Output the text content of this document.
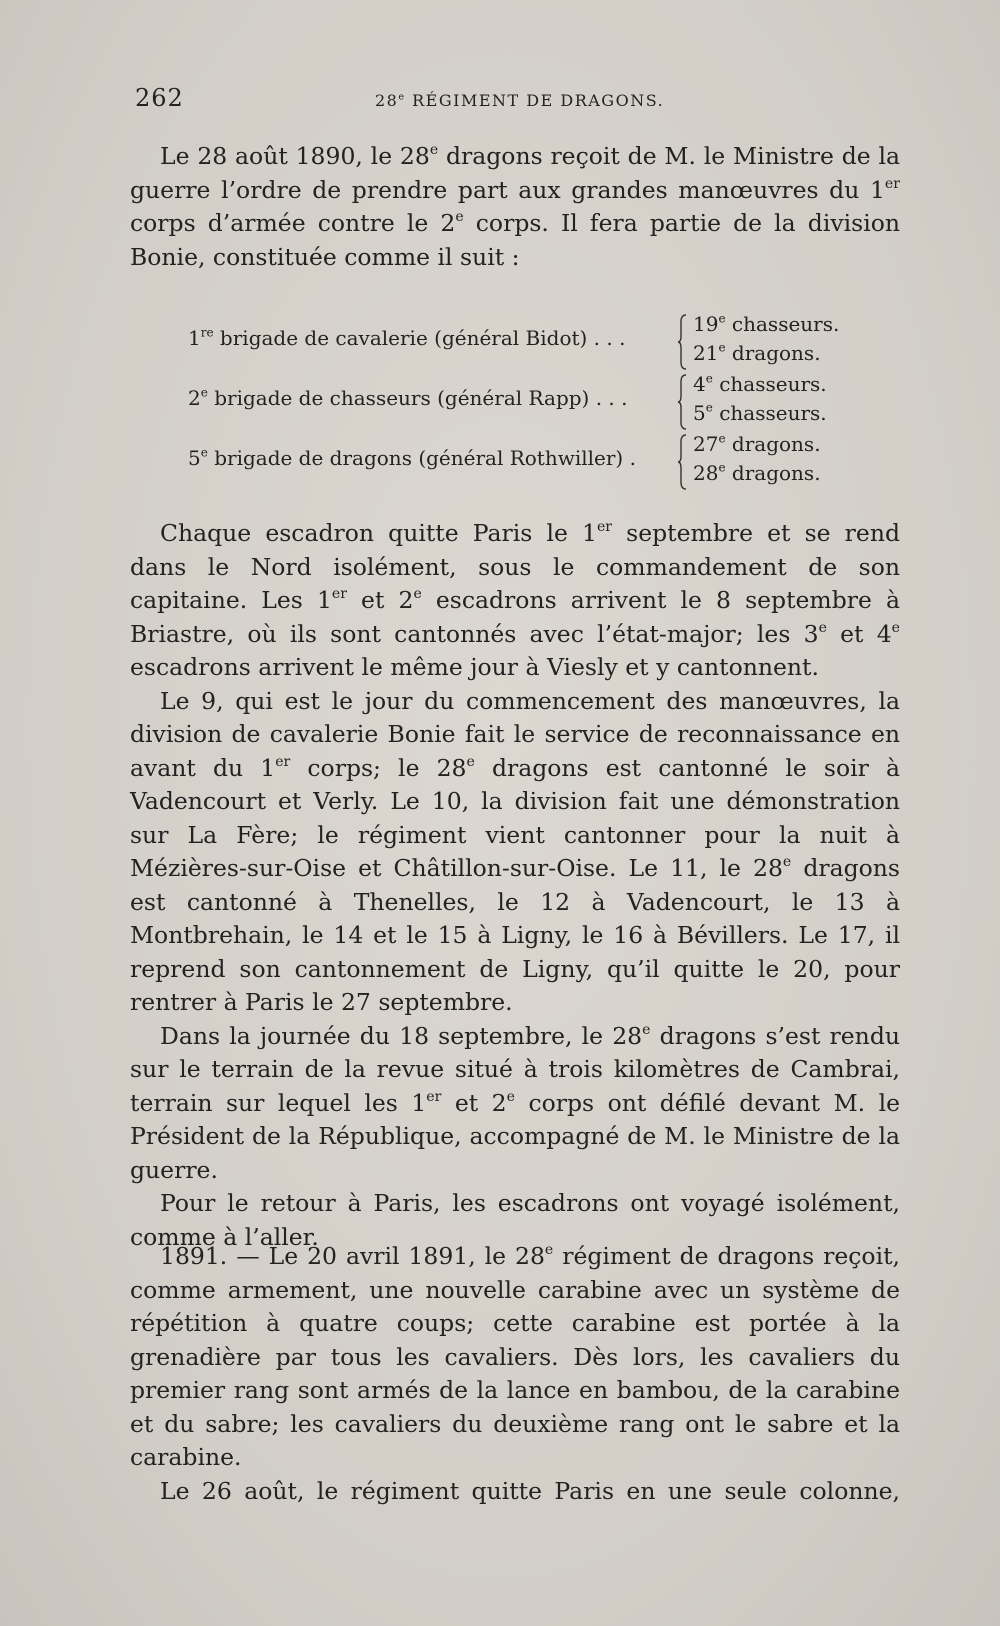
262	28e RÉGIMENT DE DRAGONS.

Le 28 août 1890, le 28e dragons reçoit de M. le Ministre de la guerre l’ordre de prendre part aux grandes manœuvres du 1er corps d’armée contre le 2e corps. Il fera partie de la division Bonie, constituée comme il suit :

1re brigade de cavalerie (général Bidot) . . .
19e chasseurs.
21e dragons.
2e brigade de chasseurs (général Rapp) . . .
4e chasseurs.
5e chasseurs.
5e brigade de dragons (général Rothwiller) .
27e dragons.
28e dragons.

Chaque escadron quitte Paris le 1er septembre et se rend dans le Nord isolément, sous le commandement de son capitaine. Les 1er et 2e escadrons arrivent le 8 septembre à Briastre, où ils sont cantonnés avec l’état-major; les 3e et 4e escadrons arrivent le même jour à Viesly et y cantonnent.

Le 9, qui est le jour du commencement des manœuvres, la division de cavalerie Bonie fait le service de reconnaissance en avant du 1er corps; le 28e dragons est cantonné le soir à Vadencourt et Verly. Le 10, la division fait une démonstration sur La Fère; le régiment vient cantonner pour la nuit à Mézières-sur-Oise et Châtillon-sur-Oise. Le 11, le 28e dragons est cantonné à Thenelles, le 12 à Vadencourt, le 13 à Montbrehain, le 14 et le 15 à Ligny, le 16 à Bévillers. Le 17, il reprend son cantonnement de Ligny, qu’il quitte le 20, pour rentrer à Paris le 27 septembre.

Dans la journée du 18 septembre, le 28e dragons s’est rendu sur le terrain de la revue situé à trois kilomètres de Cambrai, terrain sur lequel les 1er et 2e corps ont défilé devant M. le Président de la République, accompagné de M. le Ministre de la guerre.

Pour le retour à Paris, les escadrons ont voyagé isolément, comme à l’aller.

1891. — Le 20 avril 1891, le 28e régiment de dragons reçoit, comme armement, une nouvelle carabine avec un système de répétition à quatre coups; cette carabine est portée à la grenadière par tous les cavaliers. Dès lors, les cavaliers du premier rang sont armés de la lance en bambou, de la carabine et du sabre; les cavaliers du deuxième rang ont le sabre et la carabine.

Le 26 août, le régiment quitte Paris en une seule colonne,
